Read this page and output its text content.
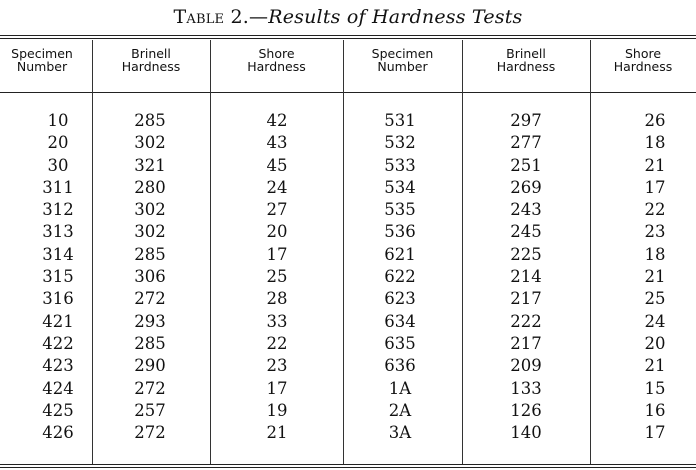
Table 2.—Results of Hardness Tests
Specimen
Number
Brinell
Hardness
Shore
Hardness
Specimen
Number
Brinell
Hardness
Shore
Hardness
10
20
30
311
312
313
314
315
316
421
422
423
424
425
426
285
302
321
280
302
302
285
306
272
293
285
290
272
257
272
42
43
45
24
27
20
17
25
28
33
22
23
17
19
21
531
532
533
534
535
536
621
622
623
634
635
636
1A
2A
3A
297
277
251
269
243
245
225
214
217
222
217
209
133
126
140
26
18
21
17
22
23
18
21
25
24
20
21
15
16
17
